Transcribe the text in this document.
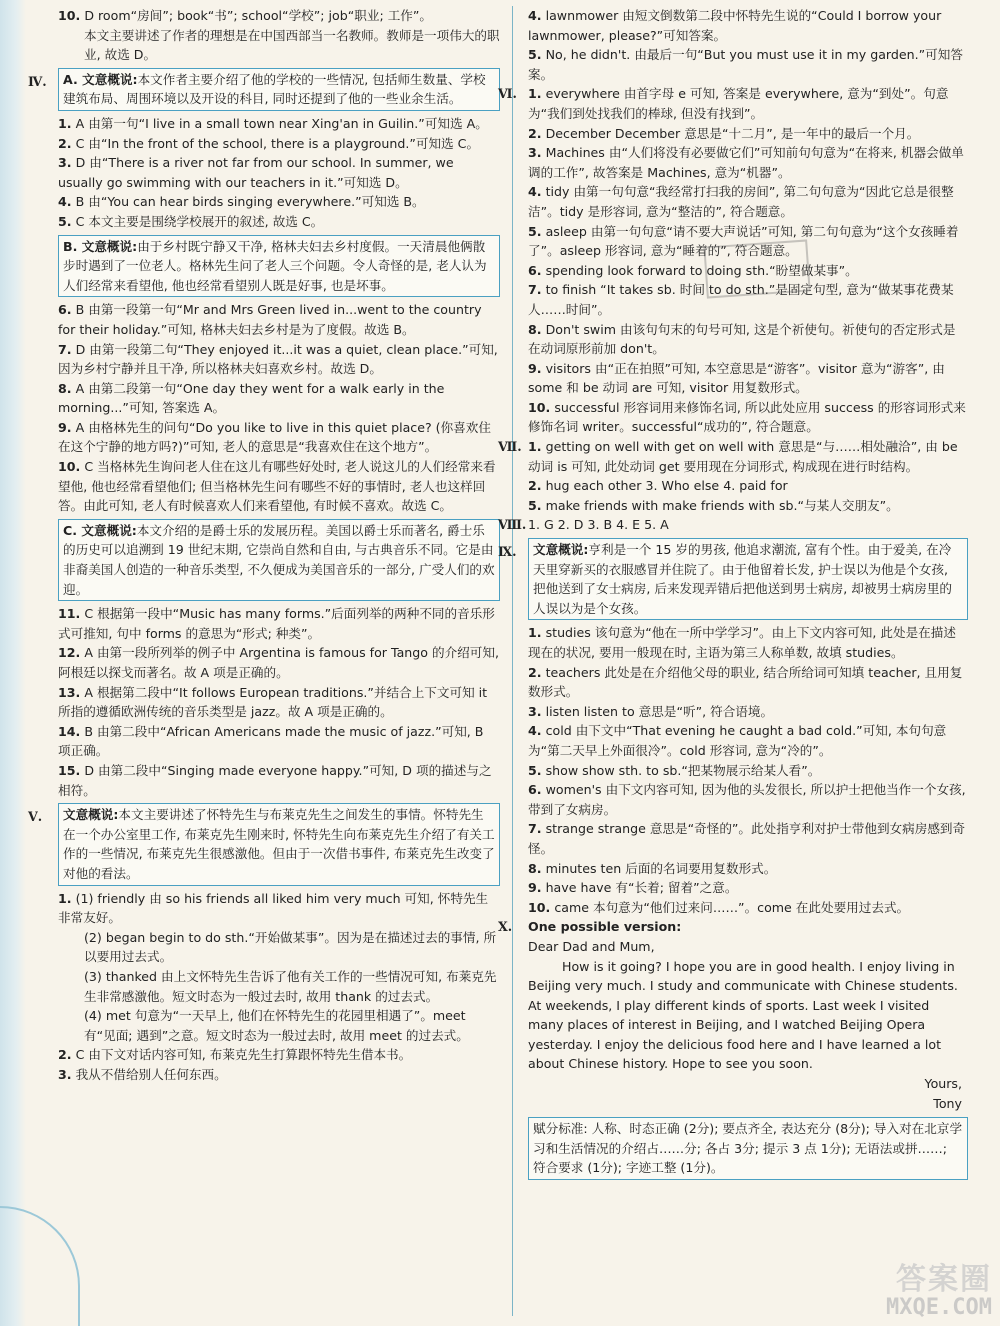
10. D room“房间”; book“书”; school“学校”; job“职业; 工作”。

本文主要讲述了作者的理想是在中国西部当一名教师。教师是一项伟大的职业, 故选 D。

Ⅳ.	A. 文意概说:本文作者主要介绍了他的学校的一些情况, 包括师生数量、学校建筑布局、周围环境以及开设的科目, 同时还提到了他的一些业余生活。

1. A 由第一句“I live in a small town near Xing'an in Guilin.”可知选 A。

2. C 由“In the front of the school, there is a playground.”可知选 C。

3. D 由“There is a river not far from our school. In summer, we usually go swimming with our teachers in it.”可知选 D。

4. B 由“You can hear birds singing everywhere.”可知选 B。

5. C 本文主要是围绕学校展开的叙述, 故选 C。

B. 文意概说:由于乡村既宁静又干净, 格林夫妇去乡村度假。一天清晨他俩散步时遇到了一位老人。格林先生问了老人三个问题。令人奇怪的是, 老人认为人们经常来看望他, 他也经常看望别人既是好事, 也是坏事。

6. B 由第一段第一句“Mr and Mrs Green lived in...went to the country for their holiday.”可知, 格林夫妇去乡村是为了度假。故选 B。

7. D 由第一段第二句“They enjoyed it...it was a quiet, clean place.”可知, 因为乡村宁静并且干净, 所以格林夫妇喜欢乡村。故选 D。

8. A 由第二段第一句“One day they went for a walk early in the morning...”可知, 答案选 A。

9. A 由格林先生的问句“Do you like to live in this quiet place? (你喜欢住在这个宁静的地方吗?)”可知, 老人的意思是“我喜欢住在这个地方”。

10. C 当格林先生询问老人住在这儿有哪些好处时, 老人说这儿的人们经常来看望他, 他也经常看望他们; 但当格林先生问有哪些不好的事情时, 老人也这样回答。由此可知, 老人有时候喜欢人们来看望他, 有时候不喜欢。故选 C。

C. 文意概说:本文介绍的是爵士乐的发展历程。美国以爵士乐而著名, 爵士乐的历史可以追溯到 19 世纪末期, 它崇尚自然和自由, 与古典音乐不同。它是由非裔美国人创造的一种音乐类型, 不久便成为美国音乐的一部分, 广受人们的欢迎。

11. C 根据第一段中“Music has many forms.”后面列举的两种不同的音乐形式可推知, 句中 forms 的意思为“形式; 种类”。

12. A 由第一段所列举的例子中 Argentina is famous for Tango 的介绍可知, 阿根廷以探戈而著名。故 A 项是正确的。

13. A 根据第二段中“It follows European traditions.”并结合上下文可知 it 所指的遵循欧洲传统的音乐类型是 jazz。故 A 项是正确的。

14. B 由第二段中“African Americans made the music of jazz.”可知, B 项正确。

15. D 由第二段中“Singing made everyone happy.”可知, D 项的描述与之相符。

Ⅴ.	文意概说:本文主要讲述了怀特先生与布莱克先生之间发生的事情。怀特先生在一个办公室里工作, 布莱克先生刚来时, 怀特先生向布莱克先生介绍了有关工作的一些情况, 布莱克先生很感激他。但由于一次借书事件, 布莱克先生改变了对他的看法。

1. (1) friendly 由 so his friends all liked him very much 可知, 怀特先生非常友好。

(2) began begin to do sth.“开始做某事”。因为是在描述过去的事情, 所以要用过去式。

(3) thanked 由上文怀特先生告诉了他有关工作的一些情况可知, 布莱克先生非常感激他。短文时态为一般过去时, 故用 thank 的过去式。

(4) met 句意为“一天早上, 他们在怀特先生的花园里相遇了”。meet 有“见面; 遇到”之意。短文时态为一般过去时, 故用 meet 的过去式。

2. C 由下文对话内容可知, 布莱克先生打算跟怀特先生借本书。

3. 我从不借给别人任何东西。

4. lawnmower 由短文倒数第二段中怀特先生说的“Could I borrow your lawnmower, please?”可知答案。

5. No, he didn't. 由最后一句“But you must use it in my garden.”可知答案。

Ⅵ. 1. everywhere 由首字母 e 可知, 答案是 everywhere, 意为“到处”。句意为“我们到处找我们的棒球, 但没有找到”。

2. December December 意思是“十二月”, 是一年中的最后一个月。

3. Machines 由“人们将没有必要做它们”可知前句句意为“在将来, 机器会做单调的工作”, 故答案是 Machines, 意为“机器”。

4. tidy 由第一句句意“我经常打扫我的房间”, 第二句句意为“因此它总是很整洁”。tidy 是形容词, 意为“整洁的”, 符合题意。

5. asleep 由第一句句意“请不要大声说话”可知, 第二句句意为“这个女孩睡着了”。asleep 形容词, 意为“睡着的”, 符合题意。

6. spending look forward to doing sth.“盼望做某事”。

7. to finish “It takes sb. 时间 to do sth.”是固定句型, 意为“做某事花费某人……时间”。

8. Don't swim 由该句句末的句号可知, 这是个祈使句。祈使句的否定形式是在动词原形前加 don't。

9. visitors 由“正在拍照”可知, 本空意思是“游客”。visitor 意为“游客”, 由 some 和 be 动词 are 可知, visitor 用复数形式。

10. successful 形容词用来修饰名词, 所以此处应用 success 的形容词形式来修饰名词 writer。successful“成功的”, 符合题意。

Ⅶ. 1. getting on well with get on well with 意思是“与……相处融洽”, 由 be 动词 is 可知, 此处动词 get 要用现在分词形式, 构成现在进行时结构。

2. hug each other 3. Who else 4. paid for

5. make friends with make friends with sb.“与某人交朋友”。

Ⅷ. 1. G 2. D 3. B 4. E 5. A

Ⅸ.	文意概说:亨利是一个 15 岁的男孩, 他追求潮流, 富有个性。由于爱美, 在冷天里穿新买的衣服感冒并住院了。由于他留着长发, 护士误以为他是个女孩, 把他送到了女士病房, 后来发现弄错后把他送到男士病房, 却被男士病房里的人误以为是个女孩。

1. studies 该句意为“他在一所中学学习”。由上下文内容可知, 此处是在描述现在的状况, 要用一般现在时, 主语为第三人称单数, 故填 studies。

2. teachers 此处是在介绍他父母的职业, 结合所给词可知填 teacher, 且用复数形式。

3. listen listen to 意思是“听”, 符合语境。

4. cold 由下文中“That evening he caught a bad cold.”可知, 本句句意为“第二天早上外面很冷”。cold 形容词, 意为“冷的”。

5. show show sth. to sb.“把某物展示给某人看”。

6. women's 由下文内容可知, 因为他的头发很长, 所以护士把他当作一个女孩, 带到了女病房。

7. strange strange 意思是“奇怪的”。此处指亨利对护士带他到女病房感到奇怪。

8. minutes ten 后面的名词要用复数形式。

9. have have 有“长着; 留着”之意。

10. came 本句意为“他们过来问……”。come 在此处要用过去式。

Ⅹ. One possible version:

Dear Dad and Mum,

How is it going? I hope you are in good health. I enjoy living in Beijing very much. I study and communicate with Chinese students. At weekends, I play different kinds of sports. Last week I visited many places of interest in Beijing, and I watched Beijing Opera yesterday. I enjoy the delicious food here and I have learned a lot about Chinese history. Hope to see you soon.

Yours,

Tony

赋分标准: 人称、时态正确 (2分); 要点齐全, 表达充分 (8分); 导入对在北京学习和生活情况的介绍占……分; 各占 3分; 提示 3 点 1分); 无语法或拼……; 符合要求 (1分); 字迹工整 (1分)。
答案圈
MXQE.COM
